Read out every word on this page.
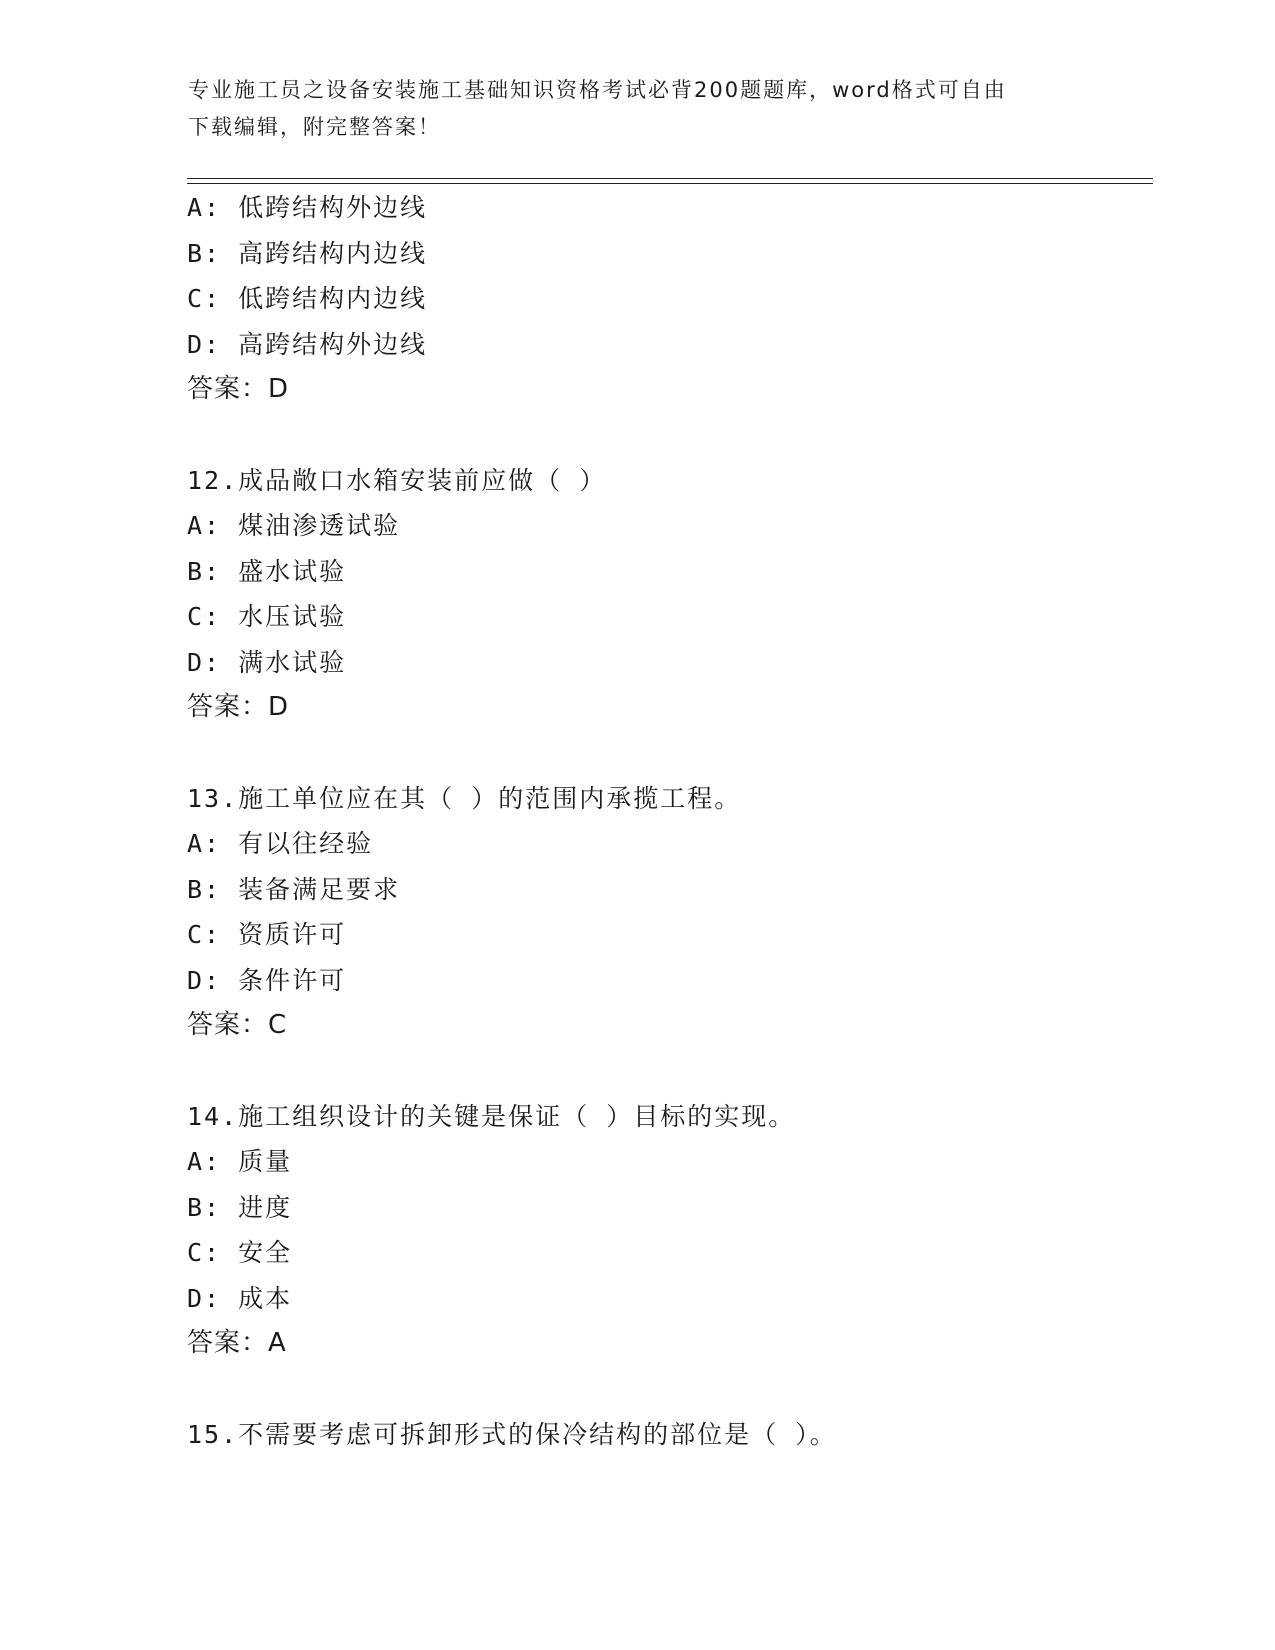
专业施工员之设备安装施工基础知识资格考试必背200题题库，word格式可自由
下载编辑，附完整答案！
A: 低跨结构外边线
B: 高跨结构内边线
C: 低跨结构内边线
D: 高跨结构外边线
答案：D
12.成品敞口水箱安装前应做（ ）
A: 煤油渗透试验
B: 盛水试验
C: 水压试验
D: 满水试验
答案：D
13.施工单位应在其（ ）的范围内承揽工程。
A: 有以往经验
B: 装备满足要求
C: 资质许可
D: 条件许可
答案：C
14.施工组织设计的关键是保证（ ）目标的实现。
A: 质量
B: 进度
C: 安全
D: 成本
答案：A
15.不需要考虑可拆卸形式的保冷结构的部位是（ ）。
